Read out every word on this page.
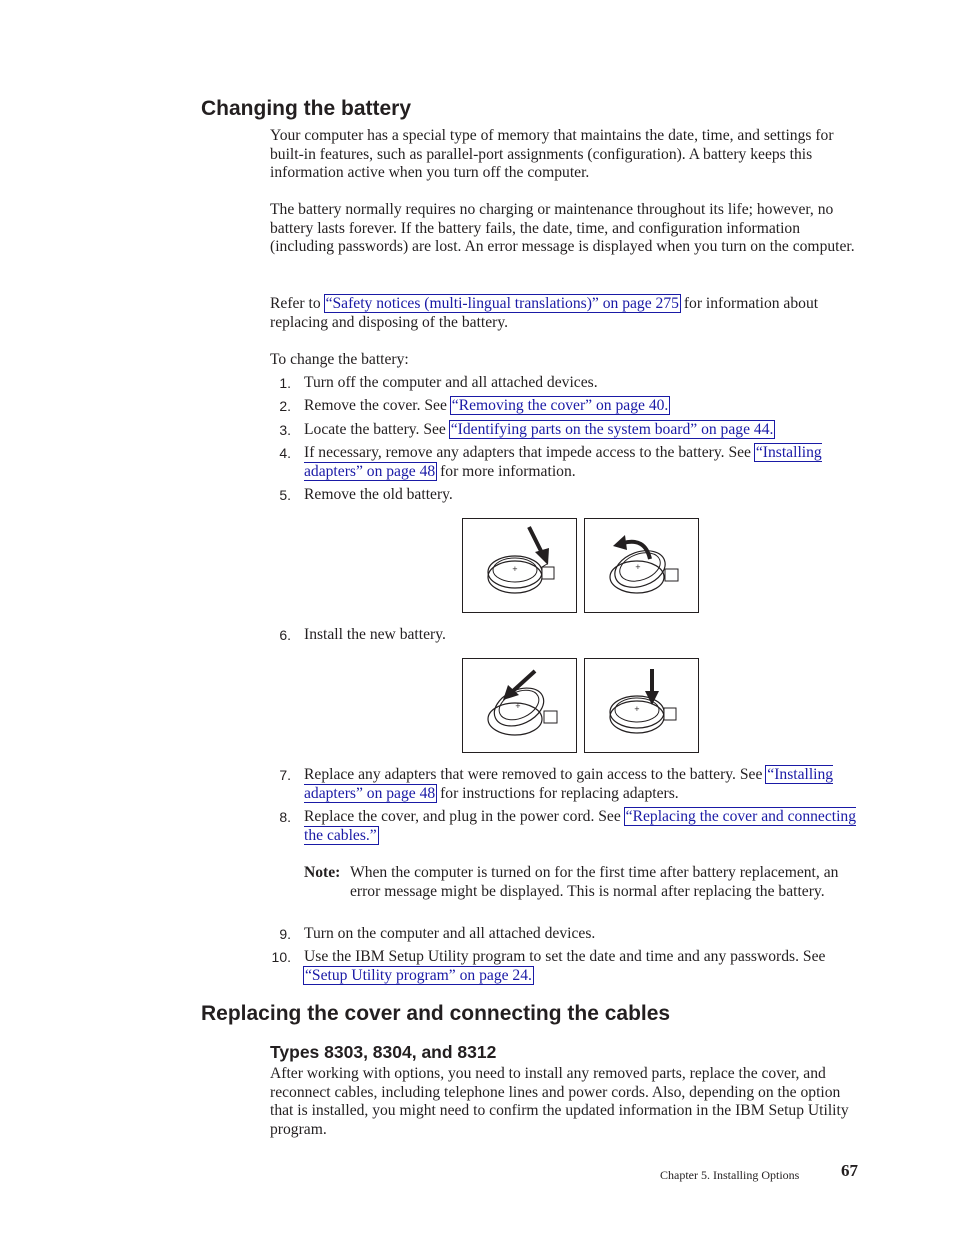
Changing the battery

Your computer has a special type of memory that maintains the date, time, and settings for built-in features, such as parallel-port assignments (configuration). A battery keeps this information active when you turn off the computer.

The battery normally requires no charging or maintenance throughout its life; however, no battery lasts forever. If the battery fails, the date, time, and configuration information (including passwords) are lost. An error message is displayed when you turn on the computer.

Refer to “Safety notices (multi-lingual translations)” on page 275 for information about replacing and disposing of the battery.

To change the battery:

1. Turn off the computer and all attached devices.
2. Remove the cover. See “Removing the cover” on page 40.
3. Locate the battery. See “Identifying parts on the system board” on page 44.
4. If necessary, remove any adapters that impede access to the battery. See “Installing adapters” on page 48 for more information.
5. Remove the old battery.
+	+
6. Install the new battery.
+	+
7. Replace any adapters that were removed to gain access to the battery. See “Installing adapters” on page 48 for instructions for replacing adapters.
8. Replace the cover, and plug in the power cord. See “Replacing the cover and connecting the cables.”
Note: When the computer is turned on for the first time after battery replacement, an error message might be displayed. This is normal after replacing the battery.
9. Turn on the computer and all attached devices.
10. Use the IBM Setup Utility program to set the date and time and any passwords. See “Setup Utility program” on page 24.
Replacing the cover and connecting the cables
Types 8303, 8304, and 8312

After working with options, you need to install any removed parts, replace the cover, and reconnect cables, including telephone lines and power cords. Also, depending on the option that is installed, you might need to confirm the updated information in the IBM Setup Utility program.

Chapter 5. Installing Options 67
